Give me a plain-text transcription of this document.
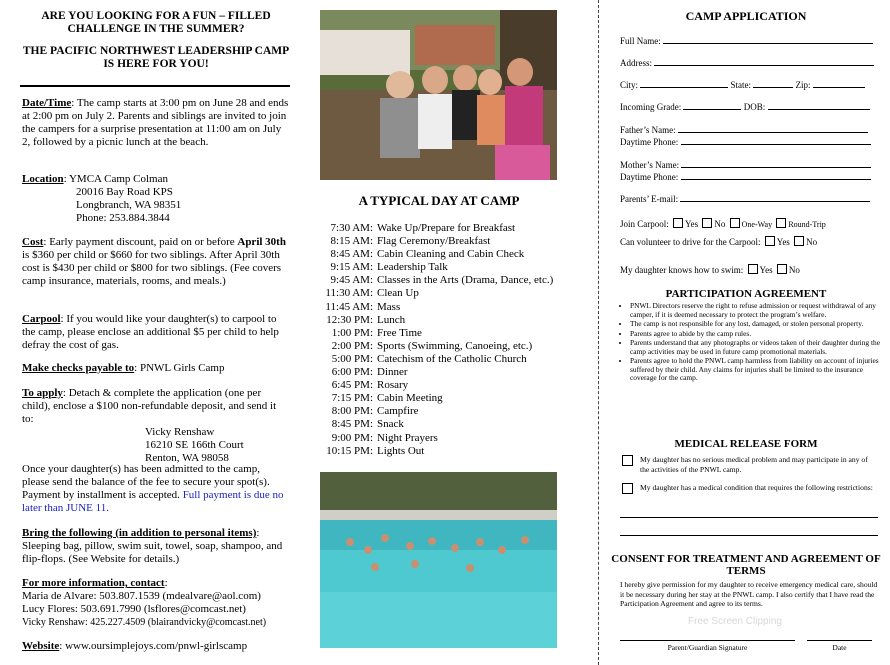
ARE YOU LOOKING FOR A FUN – FILLED CHALLENGE IN THE SUMMER?
THE PACIFIC NORTHWEST LEADERSHIP CAMP IS HERE FOR YOU!
Date/Time: The camp starts at 3:00 pm on June 28 and ends at 2:00 pm on July 2. Parents and siblings are invited to join the campers for a surprise presentation at 11:00 am on July 2, followed by a picnic lunch at the beach.
Location: YMCA Camp Colman
20016 Bay Road KPS
Longbranch, WA 98351
Phone: 253.884.3844
Cost: Early payment discount, paid on or before April 30th is $360 per child or $660 for two siblings. After April 30th cost is $430 per child or $800 for two siblings. (Fee covers camp insurance, materials, rooms, and meals.)
Carpool: If you would like your daughter(s) to carpool to the camp, please enclose an additional $5 per child to help defray the cost of gas.
Make checks payable to: PNWL Girls Camp
To apply: Detach & complete the application (one per child), enclose a $100 non-refundable deposit, and send it to:
Vicky Renshaw
16210 SE 166th Court
Renton, WA 98058
Once your daughter(s) has been admitted to the camp, please send the balance of the fee to secure your spot(s). Payment by installment is accepted. Full payment is due no later than JUNE 11.
Bring the following (in addition to personal items): Sleeping bag, pillow, swim suit, towel, soap, shampoo, and flip-flops. (See Website for details.)
For more information, contact:
Maria de Alvare: 503.807.1539 (mdealvare@aol.com)
Lucy Flores: 503.691.7990 (lsflores@comcast.net)
Vicky Renshaw: 425.227.4509 (blairandvicky@comcast.net)
Website: www.oursimplejoys.com/pnwl-girlscamp
A TYPICAL DAY AT CAMP
7:30 AM: Wake Up/Prepare for Breakfast
8:15 AM: Flag Ceremony/Breakfast
8:45 AM: Cabin Cleaning and Cabin Check
9:15 AM: Leadership Talk
9:45 AM: Classes in the Arts (Drama, Dance, etc.)
11:30 AM: Clean Up
11:45 AM: Mass
12:30 PM: Lunch
1:00 PM: Free Time
2:00 PM: Sports (Swimming, Canoeing, etc.)
5:00 PM: Catechism of the Catholic Church
6:00 PM: Dinner
6:45 PM: Rosary
7:15 PM: Cabin Meeting
8:00 PM: Campfire
8:45 PM: Snack
9:00 PM: Night Prayers
10:15 PM: Lights Out
CAMP APPLICATION
Full Name:
Address:
City:	State:	Zip:
Incoming Grade:	DOB:
Father’s Name:
Daytime Phone:
Mother’s Name:
Daytime Phone:
Parents’ E-mail:
Join Carpool: Yes No One-Way Round-Trip
Can volunteer to drive for the Carpool: Yes No
My daughter knows how to swim: Yes No
PARTICIPATION AGREEMENT
• PNWL Directors reserve the right to refuse admission or request withdrawal of any camper, if it is deemed necessary to protect the program’s welfare.
• The camp is not responsible for any lost, damaged, or stolen personal property.
• Parents agree to abide by the camp rules.
• Parents understand that any photographs or videos taken of their daughter during the camp activities may be used in future camp promotional materials.
• Parents agree to hold the PNWL camp harmless from liability on account of injuries suffered by their child. Any claims for injuries shall be limited to the insurance coverage for the camp.
MEDICAL RELEASE FORM
My daughter has no serious medical problem and may participate in any of the activities of the PNWL camp.
My daughter has a medical condition that requires the following restrictions:
CONSENT FOR TREATMENT AND AGREEMENT OF TERMS
I hereby give permission for my daughter to receive emergency medical care, should it be necessary during her stay at the PNWL camp. I also certify that I have read the Participation Agreement and agree to its terms.
Parent/Guardian Signature	Date
Free Screen Clipping
